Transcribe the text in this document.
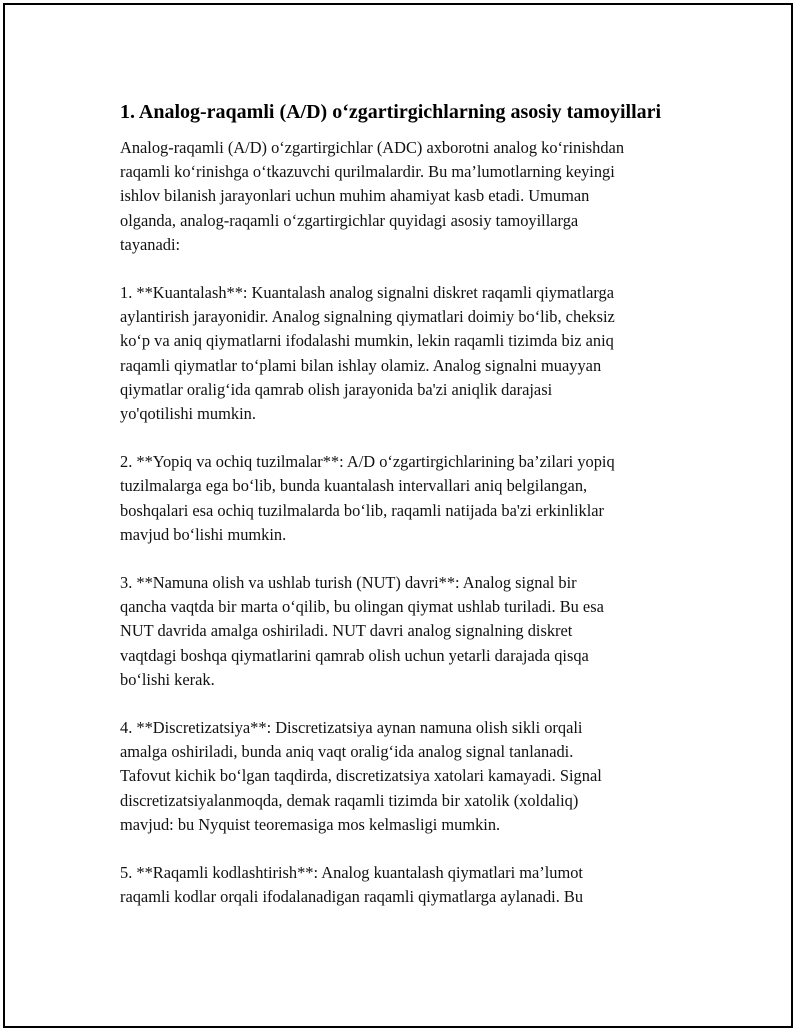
1. Analog-raqamli (A/D) o‘zgartirgichlarning asosiy tamoyillari

Analog-raqamli (A/D) o‘zgartirgichlar (ADC) axborotni analog ko‘rinishdan
raqamli ko‘rinishga o‘tkazuvchi qurilmalardir. Bu ma’lumotlarning keyingi
ishlov bilanish jarayonlari uchun muhim ahamiyat kasb etadi. Umuman
olganda, analog-raqamli o‘zgartirgichlar quyidagi asosiy tamoyillarga
tayanadi:

1. **Kuantalash**: Kuantalash analog signalni diskret raqamli qiymatlarga
aylantirish jarayonidir. Analog signalning qiymatlari doimiy bo‘lib, cheksiz
ko‘p va aniq qiymatlarni ifodalashi mumkin, lekin raqamli tizimda biz aniq
raqamli qiymatlar to‘plami bilan ishlay olamiz. Analog signalni muayyan
qiymatlar oralig‘ida qamrab olish jarayonida ba'zi aniqlik darajasi
yo'qotilishi mumkin.

2. **Yopiq va ochiq tuzilmalar**: A/D o‘zgartirgichlarining ba’zilari yopiq
tuzilmalarga ega bo‘lib, bunda kuantalash intervallari aniq belgilangan,
boshqalari esa ochiq tuzilmalarda bo‘lib, raqamli natijada ba'zi erkinliklar
mavjud bo‘lishi mumkin.

3. **Namuna olish va ushlab turish (NUT) davri**: Analog signal bir
qancha vaqtda bir marta o‘qilib, bu olingan qiymat ushlab turiladi. Bu esa
NUT davrida amalga oshiriladi. NUT davri analog signalning diskret
vaqtdagi boshqa qiymatlarini qamrab olish uchun yetarli darajada qisqa
bo‘lishi kerak.

4. **Discretizatsiya**: Discretizatsiya aynan namuna olish sikli orqali
amalga oshiriladi, bunda aniq vaqt oralig‘ida analog signal tanlanadi.
Tafovut kichik bo‘lgan taqdirda, discretizatsiya xatolari kamayadi. Signal
discretizatsiyalanmoqda, demak raqamli tizimda bir xatolik (xoldaliq)
mavjud: bu Nyquist teoremasiga mos kelmasligi mumkin.

5. **Raqamli kodlashtirish**: Analog kuantalash qiymatlari ma’lumot
raqamli kodlar orqali ifodalanadigan raqamli qiymatlarga aylanadi. Bu
